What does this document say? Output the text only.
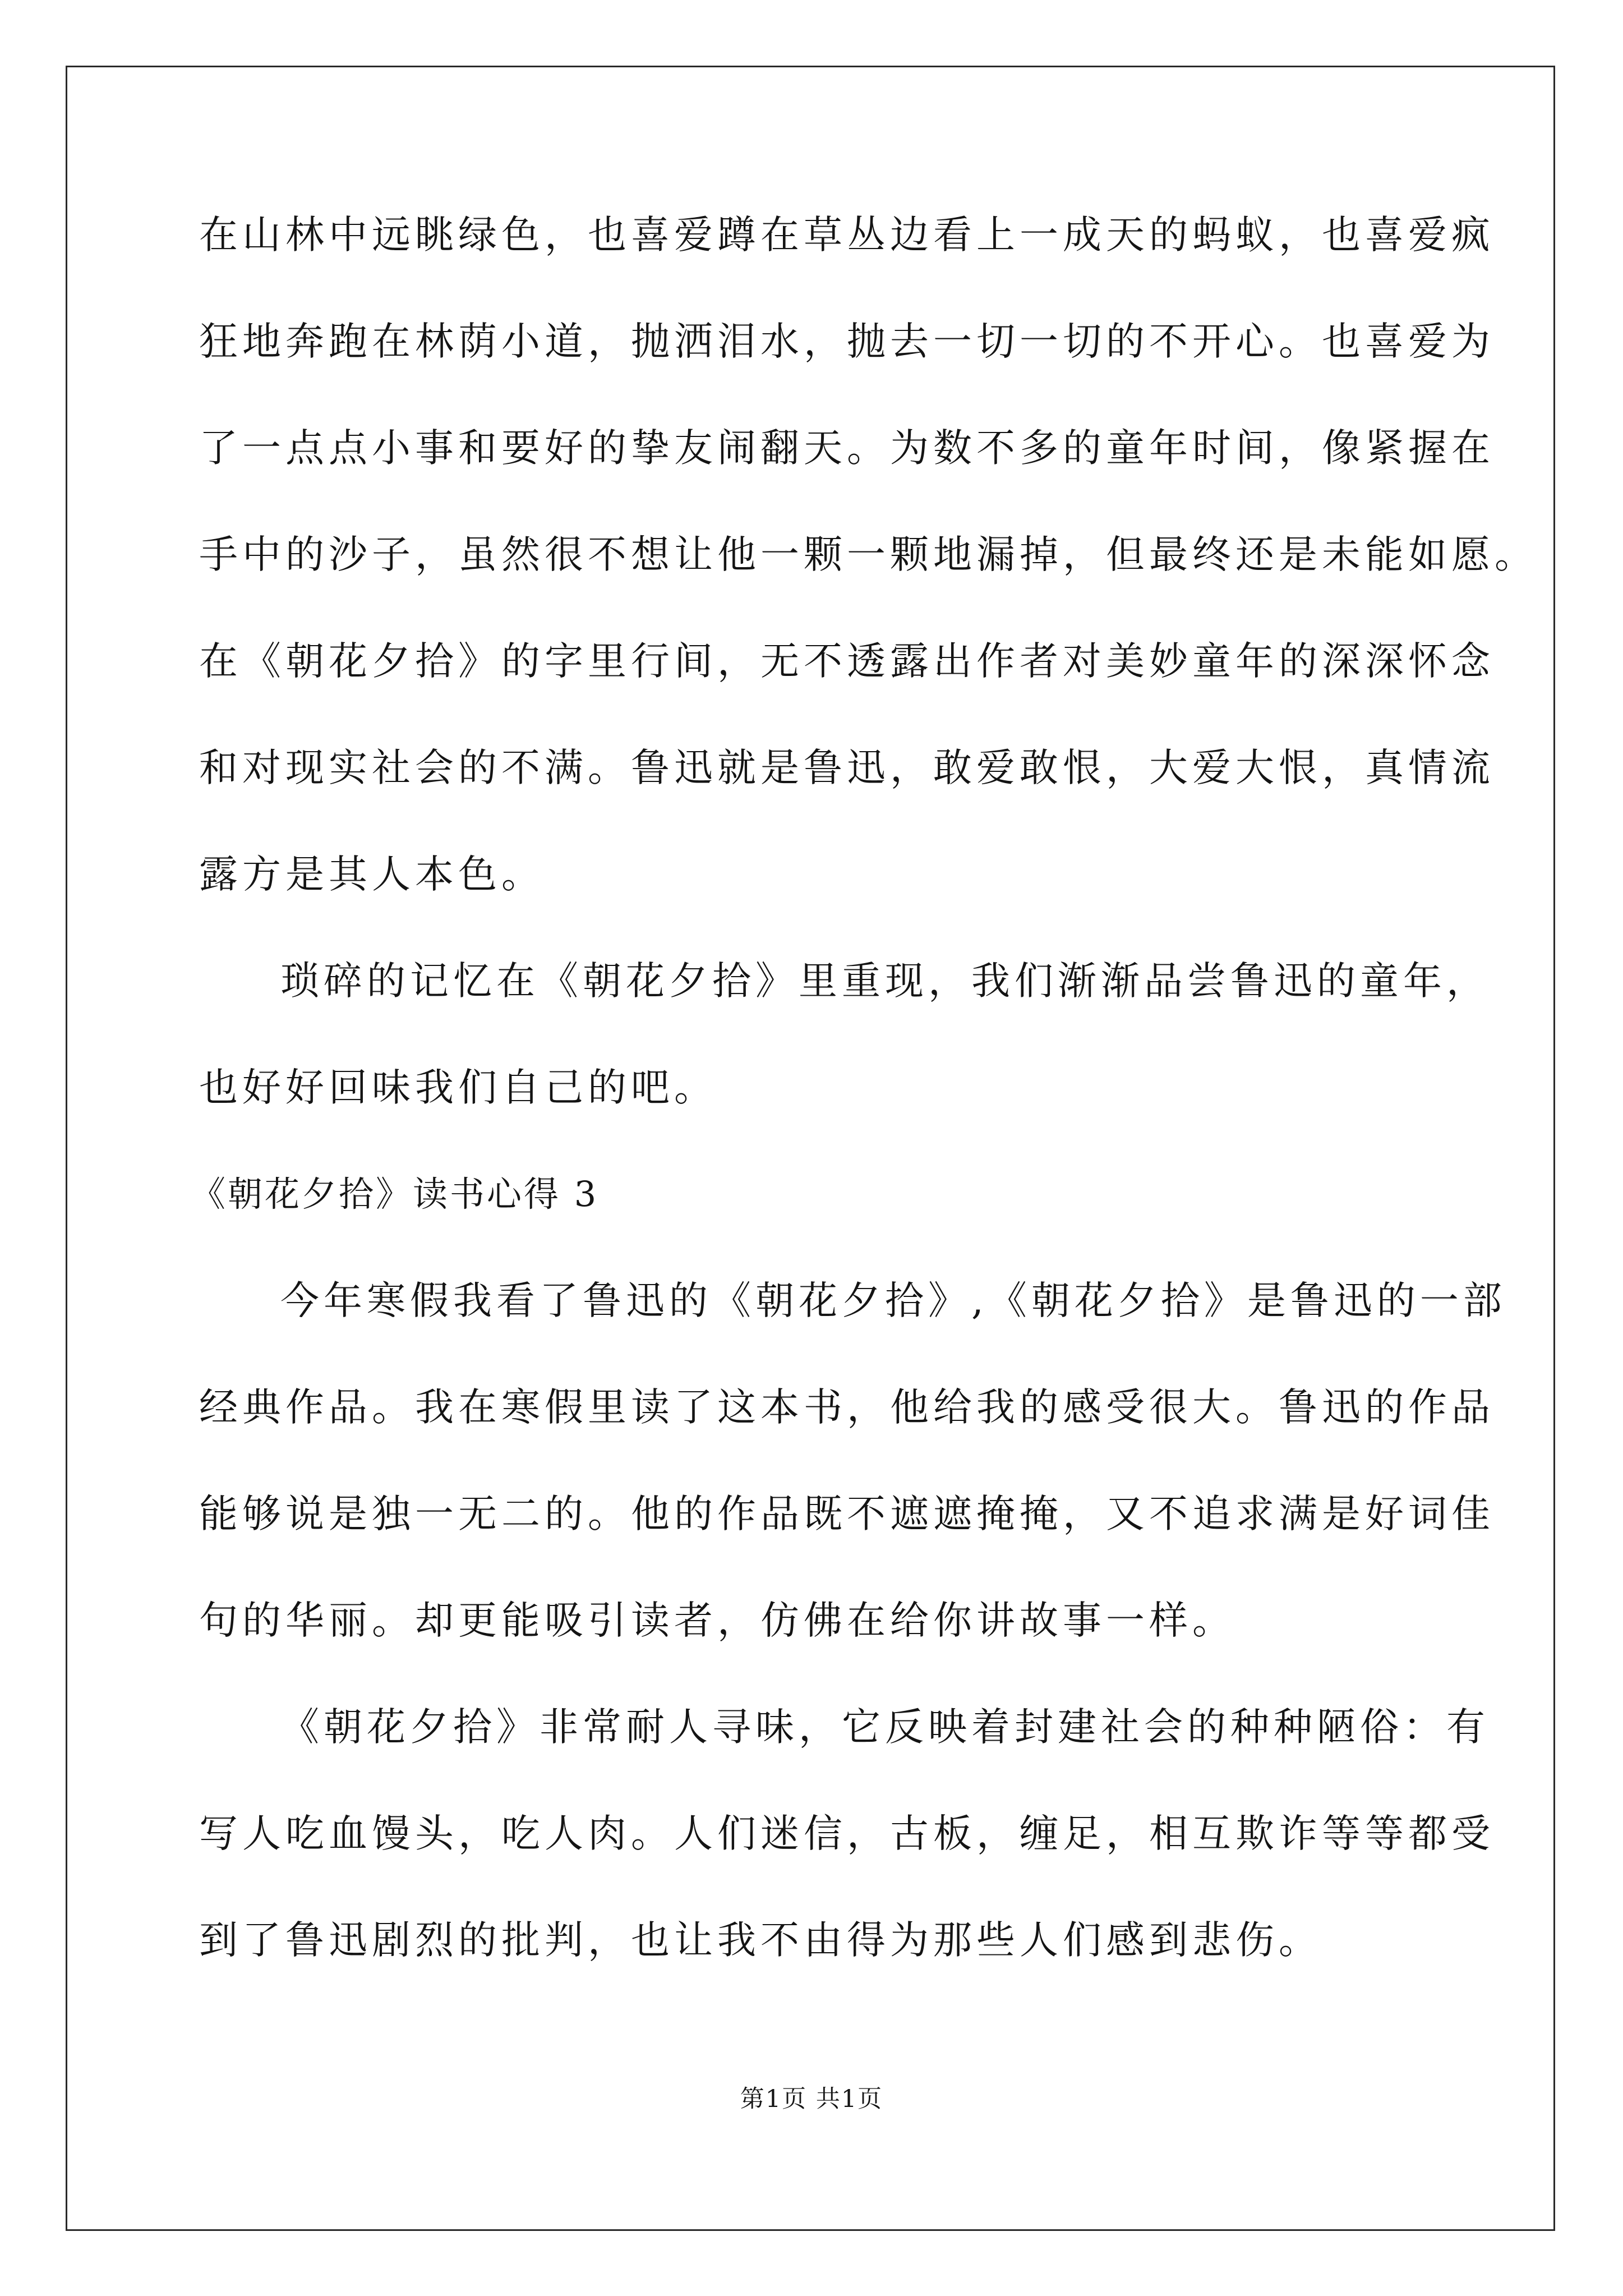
在山林中远眺绿色，也喜爱蹲在草丛边看上一成天的蚂蚁，也喜爱疯
狂地奔跑在林荫小道，抛洒泪水，抛去一切一切的不开心。也喜爱为
了一点点小事和要好的挚友闹翻天。为数不多的童年时间，像紧握在
手中的沙子，虽然很不想让他一颗一颗地漏掉，但最终还是未能如愿。
在《朝花夕拾》的字里行间，无不透露出作者对美妙童年的深深怀念
和对现实社会的不满。鲁迅就是鲁迅，敢爱敢恨，大爱大恨，真情流
露方是其人本色。
琐碎的记忆在《朝花夕拾》里重现，我们渐渐品尝鲁迅的童年，
也好好回味我们自己的吧。
《朝花夕拾》读书心得 3
今年寒假我看了鲁迅的《朝花夕拾》,《朝花夕拾》是鲁迅的一部
经典作品。我在寒假里读了这本书，他给我的感受很大。鲁迅的作品
能够说是独一无二的。他的作品既不遮遮掩掩，又不追求满是好词佳
句的华丽。却更能吸引读者，仿佛在给你讲故事一样。
《朝花夕拾》非常耐人寻味，它反映着封建社会的种种陋俗：有
写人吃血馒头，吃人肉。人们迷信，古板，缠足，相互欺诈等等都受
到了鲁迅剧烈的批判，也让我不由得为那些人们感到悲伤。
第1页 共1页
